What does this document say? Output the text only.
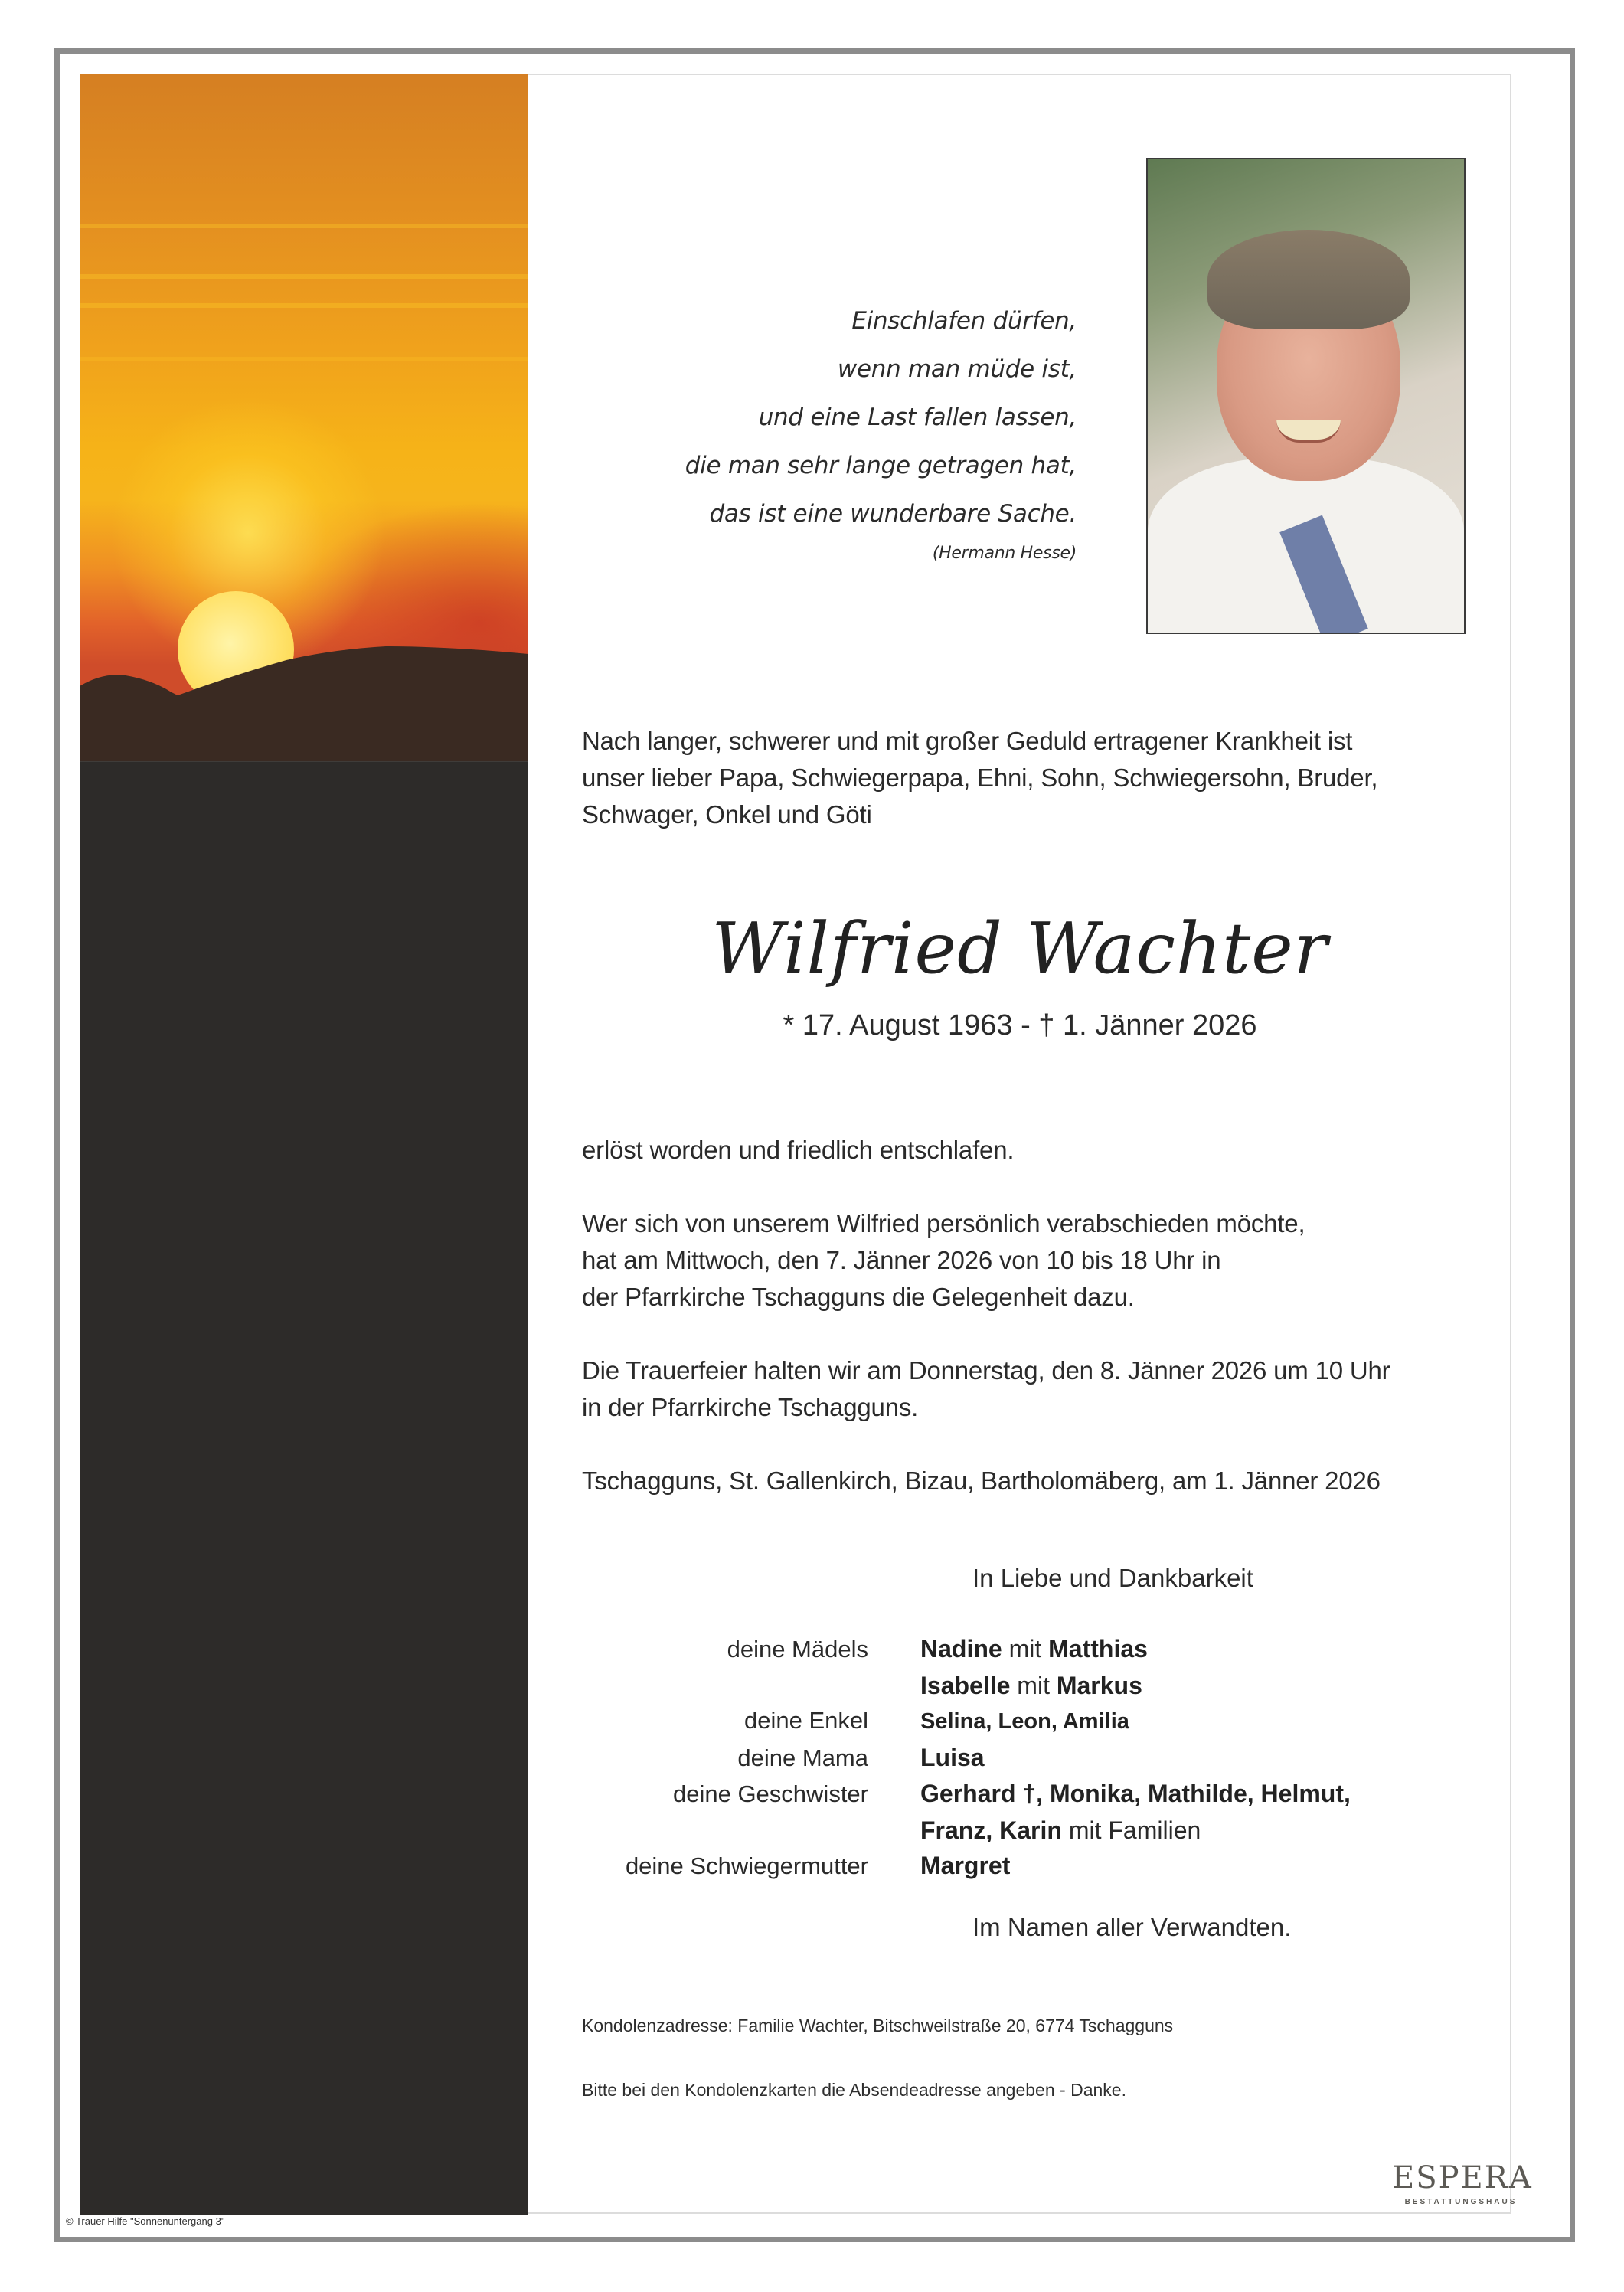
Einschlafen dürfen,
wenn man müde ist,
und eine Last fallen lassen,
die man sehr lange getragen hat,
das ist eine wunderbare Sache.
(Hermann Hesse)
Nach langer, schwerer und mit großer Geduld ertragener Krankheit ist
unser lieber Papa, Schwiegerpapa, Ehni, Sohn, Schwiegersohn, Bruder,
Schwager, Onkel und Göti
Wilfried Wachter
* 17. August 1963 - † 1. Jänner 2026
erlöst worden und friedlich entschlafen.
Wer sich von unserem Wilfried persönlich verabschieden möchte,
hat am Mittwoch, den 7. Jänner 2026 von 10 bis 18 Uhr in
der Pfarrkirche Tschagguns die Gelegenheit dazu.
Die Trauerfeier halten wir am Donnerstag, den 8. Jänner 2026 um 10 Uhr
in der Pfarrkirche Tschagguns.
Tschagguns, St. Gallenkirch, Bizau, Bartholomäberg, am 1. Jänner 2026
In Liebe und Dankbarkeit
deine Mädels	Nadine mit Matthias
Isabelle mit Markus
deine Enkel	Selina, Leon, Amilia
deine Mama	Luisa
deine Geschwister	Gerhard †, Monika, Mathilde, Helmut,
Franz, Karin mit Familien
deine Schwiegermutter	Margret
Im Namen aller Verwandten.
Kondolenzadresse: Familie Wachter, Bitschweilstraße 20, 6774 Tschagguns
Bitte bei den Kondolenzkarten die Absendeadresse angeben - Danke.
ESPERA
BESTATTUNGSHAUS
© Trauer Hilfe "Sonnenuntergang 3"
